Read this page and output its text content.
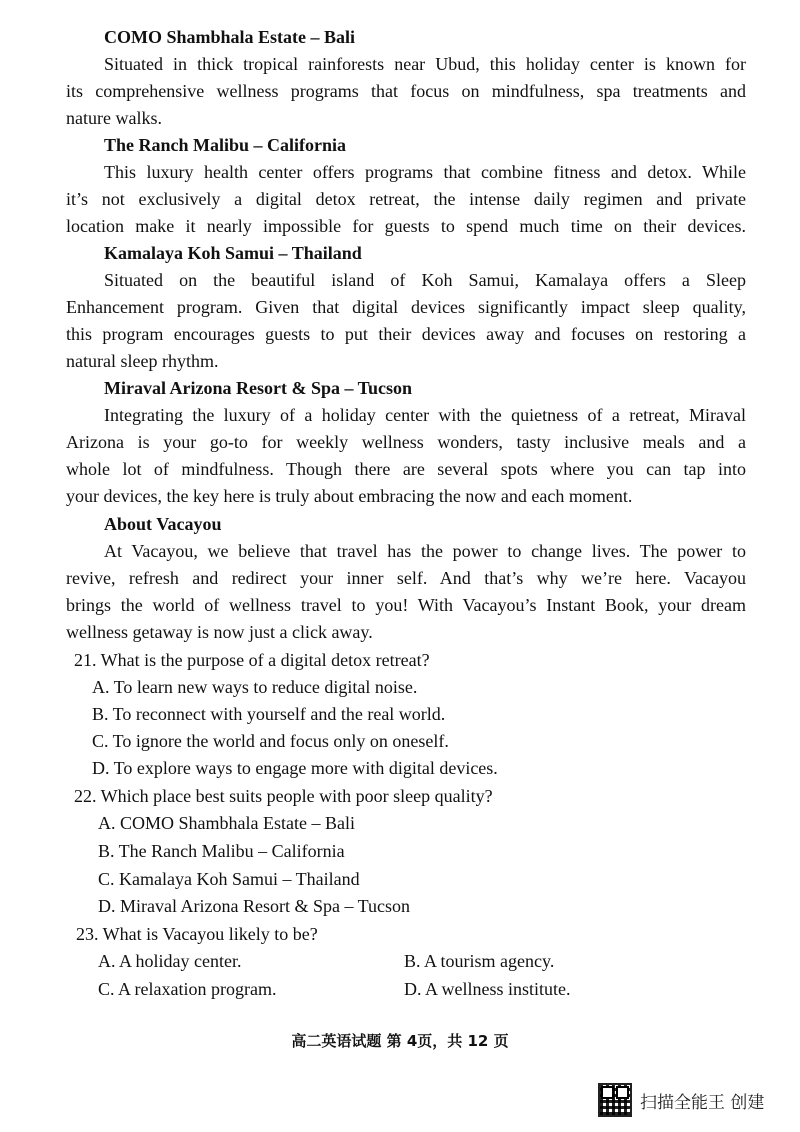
COMO Shambhala Estate – Bali
Situated in thick tropical rainforests near Ubud, this holiday center is known for
its comprehensive wellness programs that focus on mindfulness, spa treatments and
nature walks.
The Ranch Malibu – California
This luxury health center offers programs that combine fitness and detox. While
it’s not exclusively a digital detox retreat, the intense daily regimen and private
location make it nearly impossible for guests to spend much time on their devices.
Kamalaya Koh Samui – Thailand
Situated on the beautiful island of Koh Samui, Kamalaya offers a Sleep
Enhancement program. Given that digital devices significantly impact sleep quality,
this program encourages guests to put their devices away and focuses on restoring a
natural sleep rhythm.
Miraval Arizona Resort & Spa – Tucson
Integrating the luxury of a holiday center with the quietness of a retreat, Miraval
Arizona is your go-to for weekly wellness wonders, tasty inclusive meals and a
whole lot of mindfulness. Though there are several spots where you can tap into
your devices, the key here is truly about embracing the now and each moment.
About Vacayou
At Vacayou, we believe that travel has the power to change lives. The power to
revive, refresh and redirect your inner self. And that’s why we’re here. Vacayou
brings the world of wellness travel to you! With Vacayou’s Instant Book, your dream
wellness getaway is now just a click away.
21. What is the purpose of a digital detox retreat?
A. To learn new ways to reduce digital noise.
B. To reconnect with yourself and the real world.
C. To ignore the world and focus only on oneself.
D. To explore ways to engage more with digital devices.
22. Which place best suits people with poor sleep quality?
A. COMO Shambhala Estate – Bali
B. The Ranch Malibu – California
C. Kamalaya Koh Samui – Thailand
D. Miraval Arizona Resort & Spa – Tucson
23. What is Vacayou likely to be?
A. A holiday center.	B. A tourism agency.
C. A relaxation program.	D. A wellness institute.
高二英语试题 第 4页，共 12 页
扫描全能王 创建
